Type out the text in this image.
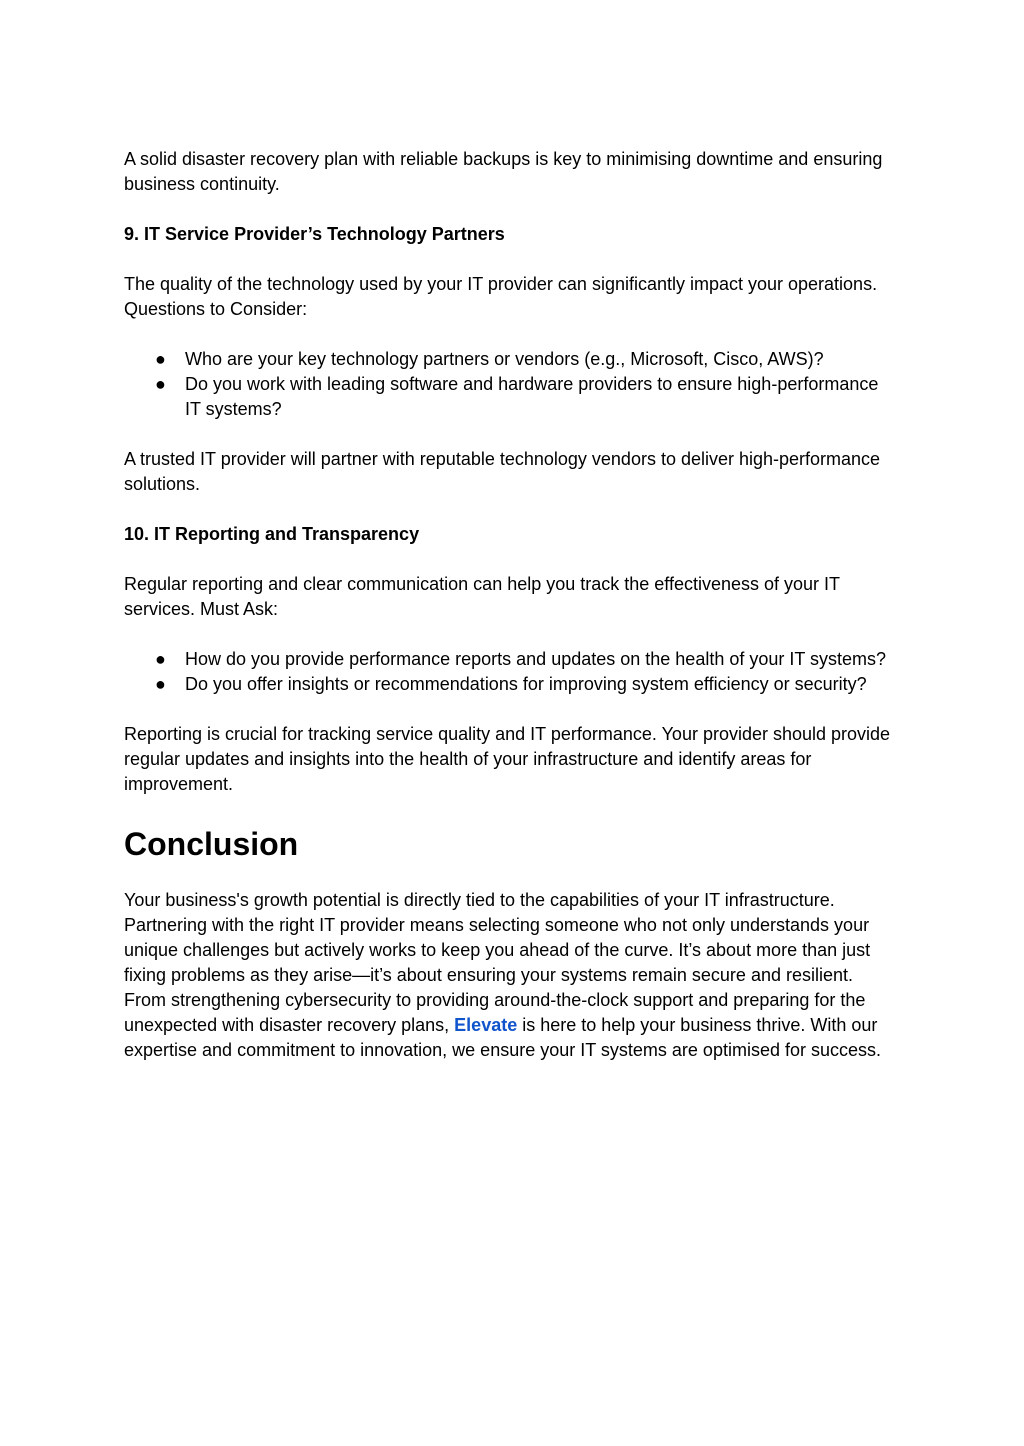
A solid disaster recovery plan with reliable backups is key to minimising downtime and ensuring business continuity.

9. IT Service Provider’s Technology Partners

The quality of the technology used by your IT provider can significantly impact your operations. Questions to Consider:

● Who are your key technology partners or vendors (e.g., Microsoft, Cisco, AWS)?
● Do you work with leading software and hardware providers to ensure high-performance IT systems?

A trusted IT provider will partner with reputable technology vendors to deliver high-performance solutions.

10. IT Reporting and Transparency

Regular reporting and clear communication can help you track the effectiveness of your IT services. Must Ask:

● How do you provide performance reports and updates on the health of your IT systems?
● Do you offer insights or recommendations for improving system efficiency or security?

Reporting is crucial for tracking service quality and IT performance. Your provider should provide regular updates and insights into the health of your infrastructure and identify areas for improvement.

Conclusion

Your business's growth potential is directly tied to the capabilities of your IT infrastructure. Partnering with the right IT provider means selecting someone who not only understands your unique challenges but actively works to keep you ahead of the curve. It’s about more than just fixing problems as they arise—it’s about ensuring your systems remain secure and resilient. From strengthening cybersecurity to providing around-the-clock support and preparing for the unexpected with disaster recovery plans, Elevate is here to help your business thrive. With our expertise and commitment to innovation, we ensure your IT systems are optimised for success.
